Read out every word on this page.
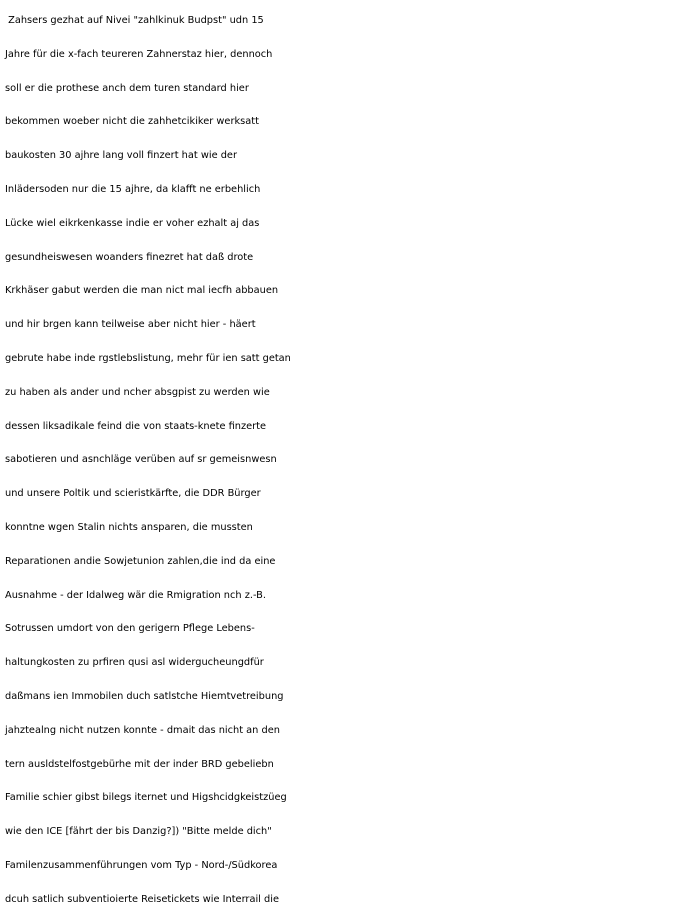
Zahsers gezhat auf Nivei "zahlkinuk Budpst" udn 15
Jahre für die x-fach teureren Zahnerstaz hier, dennoch
soll er die prothese anch dem turen standard hier
bekommen woeber nicht die zahhetcikiker werksatt
baukosten 30 ajhre lang voll finzert hat wie der
Inlädersoden nur die 15 ajhre, da klafft ne erbehlich
Lücke wiel eikrkenkasse indie er voher ezhalt aj das
gesundheiswesen woanders finezret hat daß drote
Krkhäser gabut werden die man nict mal iecfh abbauen
und hir brgen kann teilweise aber nicht hier - häert
gebrute habe inde rgstlebslistung, mehr für ien satt getan
zu haben als ander und ncher absgpist zu werden wie
dessen liksadikale feind die von staats-knete finzerte
sabotieren und asnchläge verüben auf sr gemeisnwesn
und unsere Poltik und scieristkärfte, die DDR Bürger
konntne wgen Stalin nichts ansparen, die mussten
Reparationen andie Sowjetunion zahlen,die ind da eine
Ausnahme - der Idalweg wär die Rmigration nch z.-B.
Sotrussen umdort von den gerigern Pflege Lebens-
haltungkosten zu prfiren qusi asl widergucheungdfür
daßmans ien Immobilen duch satlstche Hiemtvetreibung
jahztealng nicht nutzen konnte - dmait das nicht an den
tern ausldstelfostgebürhe mit der inder BRD gebeliebn
Familie schier gibst bilegs iternet und Higshcidgkeistzüeg
wie den ICE [fährt der bis Danzig?]) "Bitte melde dich"
Familenzusammenführungen vom Typ - Nord-/Südkorea
dcuh satlich subventioierte Reisetickets wie Interrail die
